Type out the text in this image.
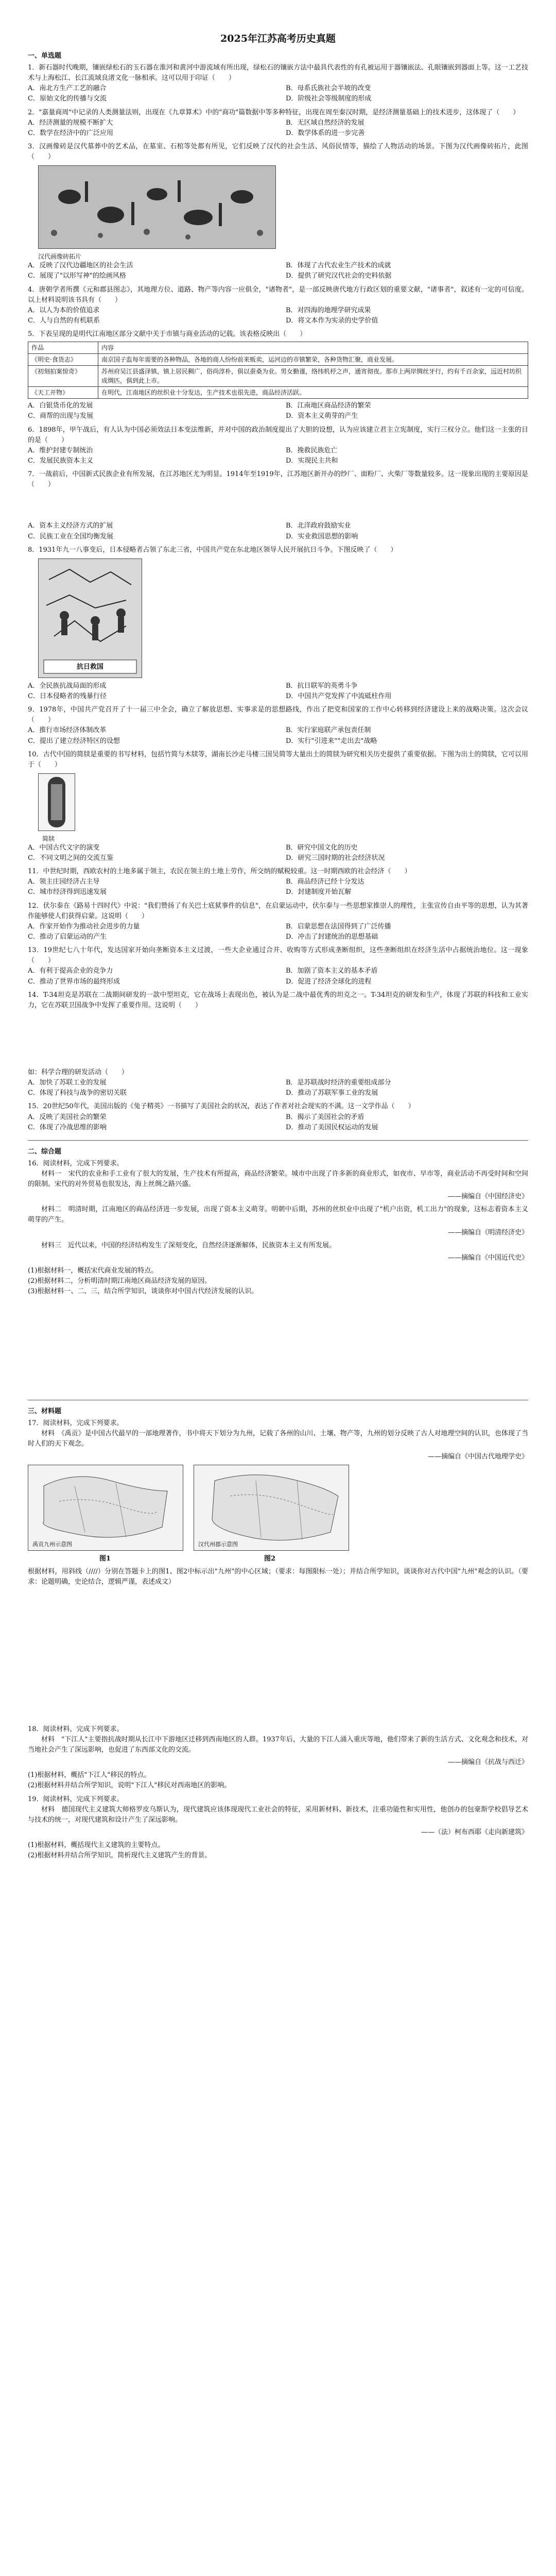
2025年江苏高考历史真题
一、单选题

1．新石器时代晚期，镶嵌绿松石的玉石器在淮河和黄河中游流域有所出现，绿松石的镶嵌方法中最具代表性的有孔被运用于器镶嵌法、孔眼镶嵌到器面上等。这一工艺技术与上海松江、长江流域良渚文化一脉相承。这可以用于印证（　　）

A．南北方生产工艺的融合	B．母系氏族社会半坡的改变
C．原始文化的传播与交流	D．阶级社会等级制度的形成

2．"嘉量商周"中记录的人类测量法则，出现在《九章算术》中的"商功"篇数据中等多种特征，出现在周至秦汉时期，是经济测量基础上的技术进步，这体现了（　　）

A．经济测量的规模不断扩大	B．无区域自然经济的发展
C．数学在经济中的广泛应用	D．数学体系的进一步完善

3．汉画像砖是汉代墓葬中的艺术品，在墓室、石棺等处都有所见，它们反映了汉代的社会生活、风俗民情等，描绘了人物活动的场景。下图为汉代画像砖拓片，此图（　　）

汉代画像砖拓片
A．反映了汉代边疆地区的社会生活	B．体现了古代农业生产技术的成就
C．展现了"以形写神"的绘画风格	D．提供了研究汉代社会的史料依据

4．唐朝学者所撰《元和郡县图志》，其地理方位、道路、物产等内容一应俱全，"诸物者"，是一部反映唐代地方行政区划的重要文献，"诸事者"，叙述有一定的可信度。以上材料说明该书具有（　　）

A．以人为本的价值追求	B．对四海的地理学研究成果
C．人与自然的有机联系	D．将文本作为实录的史学价值

5．下表呈现的是明代江南地区部分文献中关于市镇与商业活动的记载。该表格反映出（　　）

作品	内容
《明史·食货志》	南京国子监每年需要的各种物品，各地的商人纷纷前来贩卖，运河边的市镇繁荣，各种货物汇聚，商业发展。
《初刻拍案惊奇》	苏州府吴江县盛泽镇，镇上居民稠广，俗尚淳朴，俱以蚕桑为业。男女勤谨，络纬机杼之声，通宵彻夜。那市上两岸绸丝牙行，约有千百余家，远近村坊织成绸匹，俱到此上市。
《天工开物》	在明代，江南地区的丝织业十分发达，生产技术也很先进，商品经济活跃。
A．白银货币化的发展	B．江南地区商品经济的繁荣
C．商帮的出现与发展	D．资本主义萌芽的产生

6．1898年，甲午战后，有人认为中国必须效法日本变法维新，并对中国的政治制度提出了大胆的设想，认为应该建立君主立宪制度，实行三权分立。他们这一主张的目的是（　　）

A．维护封建专制统治	B．挽救民族危亡
C．发展民族资本主义	D．实现民主共和

7．一战前后，中国新式民族企业有所发展，在江苏地区尤为明显。1914年至1919年，江苏地区新开办的纱厂、面粉厂、火柴厂等数量较多。这一现象出现的主要原因是（　　）

A．资本主义经济方式的扩展	B．北洋政府鼓励实业
C．民族工业在全国均衡发展	D．实业救国思想的影响

8．1931年九一八事变后，日本侵略者占领了东北三省，中国共产党在东北地区领导人民开展抗日斗争。下图反映了（　　）

抗日救国
A．全民族抗战局面的形成	B．抗日联军的英勇斗争
C．日本侵略者的残暴行径	D．中国共产党发挥了中流砥柱作用

9．1978年，中国共产党召开了十一届三中全会，确立了解放思想、实事求是的思想路线，作出了把党和国家的工作中心转移到经济建设上来的战略决策。这次会议（　　）

A．推行市场经济体制改革	B．实行家庭联产承包责任制
C．提出了建立经济特区的设想	D．实行"引进来""走出去"战略

10．古代中国的简牍是重要的书写材料，包括竹简与木牍等，湖南长沙走马楼三国吴简等大量出土的简牍为研究相关历史提供了重要依据。下图为出土的简牍，它可以用于（　　）

简牍
A．中国古代文字的演变	B．研究中国文化的历史
C．不同文明之间的交流互鉴	D．研究三国时期的社会经济状况

11．中世纪时期，西欧农村的土地多属于领主，农民在领主的土地上劳作，所交纳的赋税较重。这一时期西欧的社会经济（　　）

A．领主庄园经济占主导	B．商品经济已经十分发达
C．城市经济得到迅速发展	D．封建制度开始瓦解

12．伏尔泰在《路易十四时代》中说："我们赞扬了有关巴士底狱事件的信息"，在启蒙运动中，伏尔泰与一些思想家推崇人的理性，主张宣传自由平等的思想，认为其著作能够使人们获得启蒙。这说明（　　）

A．作家开始作为推动社会进步的力量	B．启蒙思想在法国得到了广泛传播
C．推动了启蒙运动的产生	D．冲击了封建统治的思想基础

13．19世纪七八十年代，发达国家开始向垄断资本主义过渡，一些大企业通过合并、收购等方式形成垄断组织，这些垄断组织在经济生活中占据统治地位。这一现象（　　）

A．有利于提高企业的竞争力	B．加剧了资本主义的基本矛盾
C．推动了世界市场的最终形成	D．促进了经济全球化的进程

14．T-34坦克是苏联在二战期间研发的一款中型坦克，它在战场上表现出色，被认为是二战中最优秀的坦克之一。T-34坦克的研发和生产，体现了苏联的科技和工业实力，它在苏联卫国战争中发挥了重要作用。这说明（　　）

如：科学合理的研发活动（　　）

A．加快了苏联工业的发展	B．是苏联战时经济的重要组成部分
C．体现了科技与战争的密切关联	D．推动了苏联军事工业的发展

15．20世纪50年代，美国出版的《兔子精英》一书描写了美国社会的状况，表达了作者对社会现实的不满。这一文学作品（　　）

A．反映了美国社会的繁荣	B．揭示了美国社会的矛盾
C．体现了冷战思维的影响	D．推动了美国民权运动的发展
二、综合题

16．阅读材料，完成下列要求。

材料一　宋代的农业和手工业有了很大的发展，生产技术有所提高，商品经济繁荣。城市中出现了许多新的商业形式，如夜市、早市等，商业活动不再受时间和空间的限制。宋代的对外贸易也很发达，海上丝绸之路兴盛。

——摘编自《中国经济史》

材料二　明清时期，江南地区的商品经济进一步发展，出现了资本主义萌芽。明朝中后期，苏州的丝织业中出现了"机户出资，机工出力"的现象，这标志着资本主义萌芽的产生。

——摘编自《明清经济史》

材料三　近代以来，中国的经济结构发生了深刻变化，自然经济逐渐解体，民族资本主义有所发展。

——摘编自《中国近代史》

(1)根据材料一，概括宋代商业发展的特点。

(2)根据材料二，分析明清时期江南地区商品经济发展的原因。

(3)根据材料一、二、三，结合所学知识，谈谈你对中国古代经济发展的认识。

三、材料题

17．阅读材料，完成下列要求。

材料　《禹贡》是中国古代最早的一部地理著作，书中将天下划分为九州，记载了各州的山川、土壤、物产等，九州的划分反映了古人对地理空间的认识，也体现了当时人们的天下观念。

——摘编自《中国古代地理学史》
禹贡九州示意图	汉代州郡示意图
图1	图2

根据材料，用斜线（////）分别在答题卡上的图1、图2中标示出"九州"的中心区域；（要求：每图限标一处）；并结合所学知识，谈谈你对古代中国"九州"观念的认识。（要求：论题明确，史论结合，逻辑严谨，表述成文）

18．阅读材料，完成下列要求。

材料　"下江人"主要指抗战时期从长江中下游地区迁移到西南地区的人群。1937年后，大量的下江人涌入重庆等地，他们带来了新的生活方式、文化观念和技术，对当地社会产生了深远影响，也促进了东西部文化的交流。

——摘编自《抗战与西迁》

(1)根据材料，概括"下江人"移民的特点。

(2)根据材料并结合所学知识，说明"下江人"移民对西南地区的影响。

19．阅读材料，完成下列要求。

材料　德国现代主义建筑大师格罗皮乌斯认为，现代建筑应该体现现代工业社会的特征，采用新材料、新技术，注重功能性和实用性，他创办的包豪斯学校倡导艺术与技术的统一，对现代建筑和设计产生了深远影响。

——（法）柯布西耶《走向新建筑》

(1)根据材料，概括现代主义建筑的主要特点。

(2)根据材料并结合所学知识，简析现代主义建筑产生的背景。
